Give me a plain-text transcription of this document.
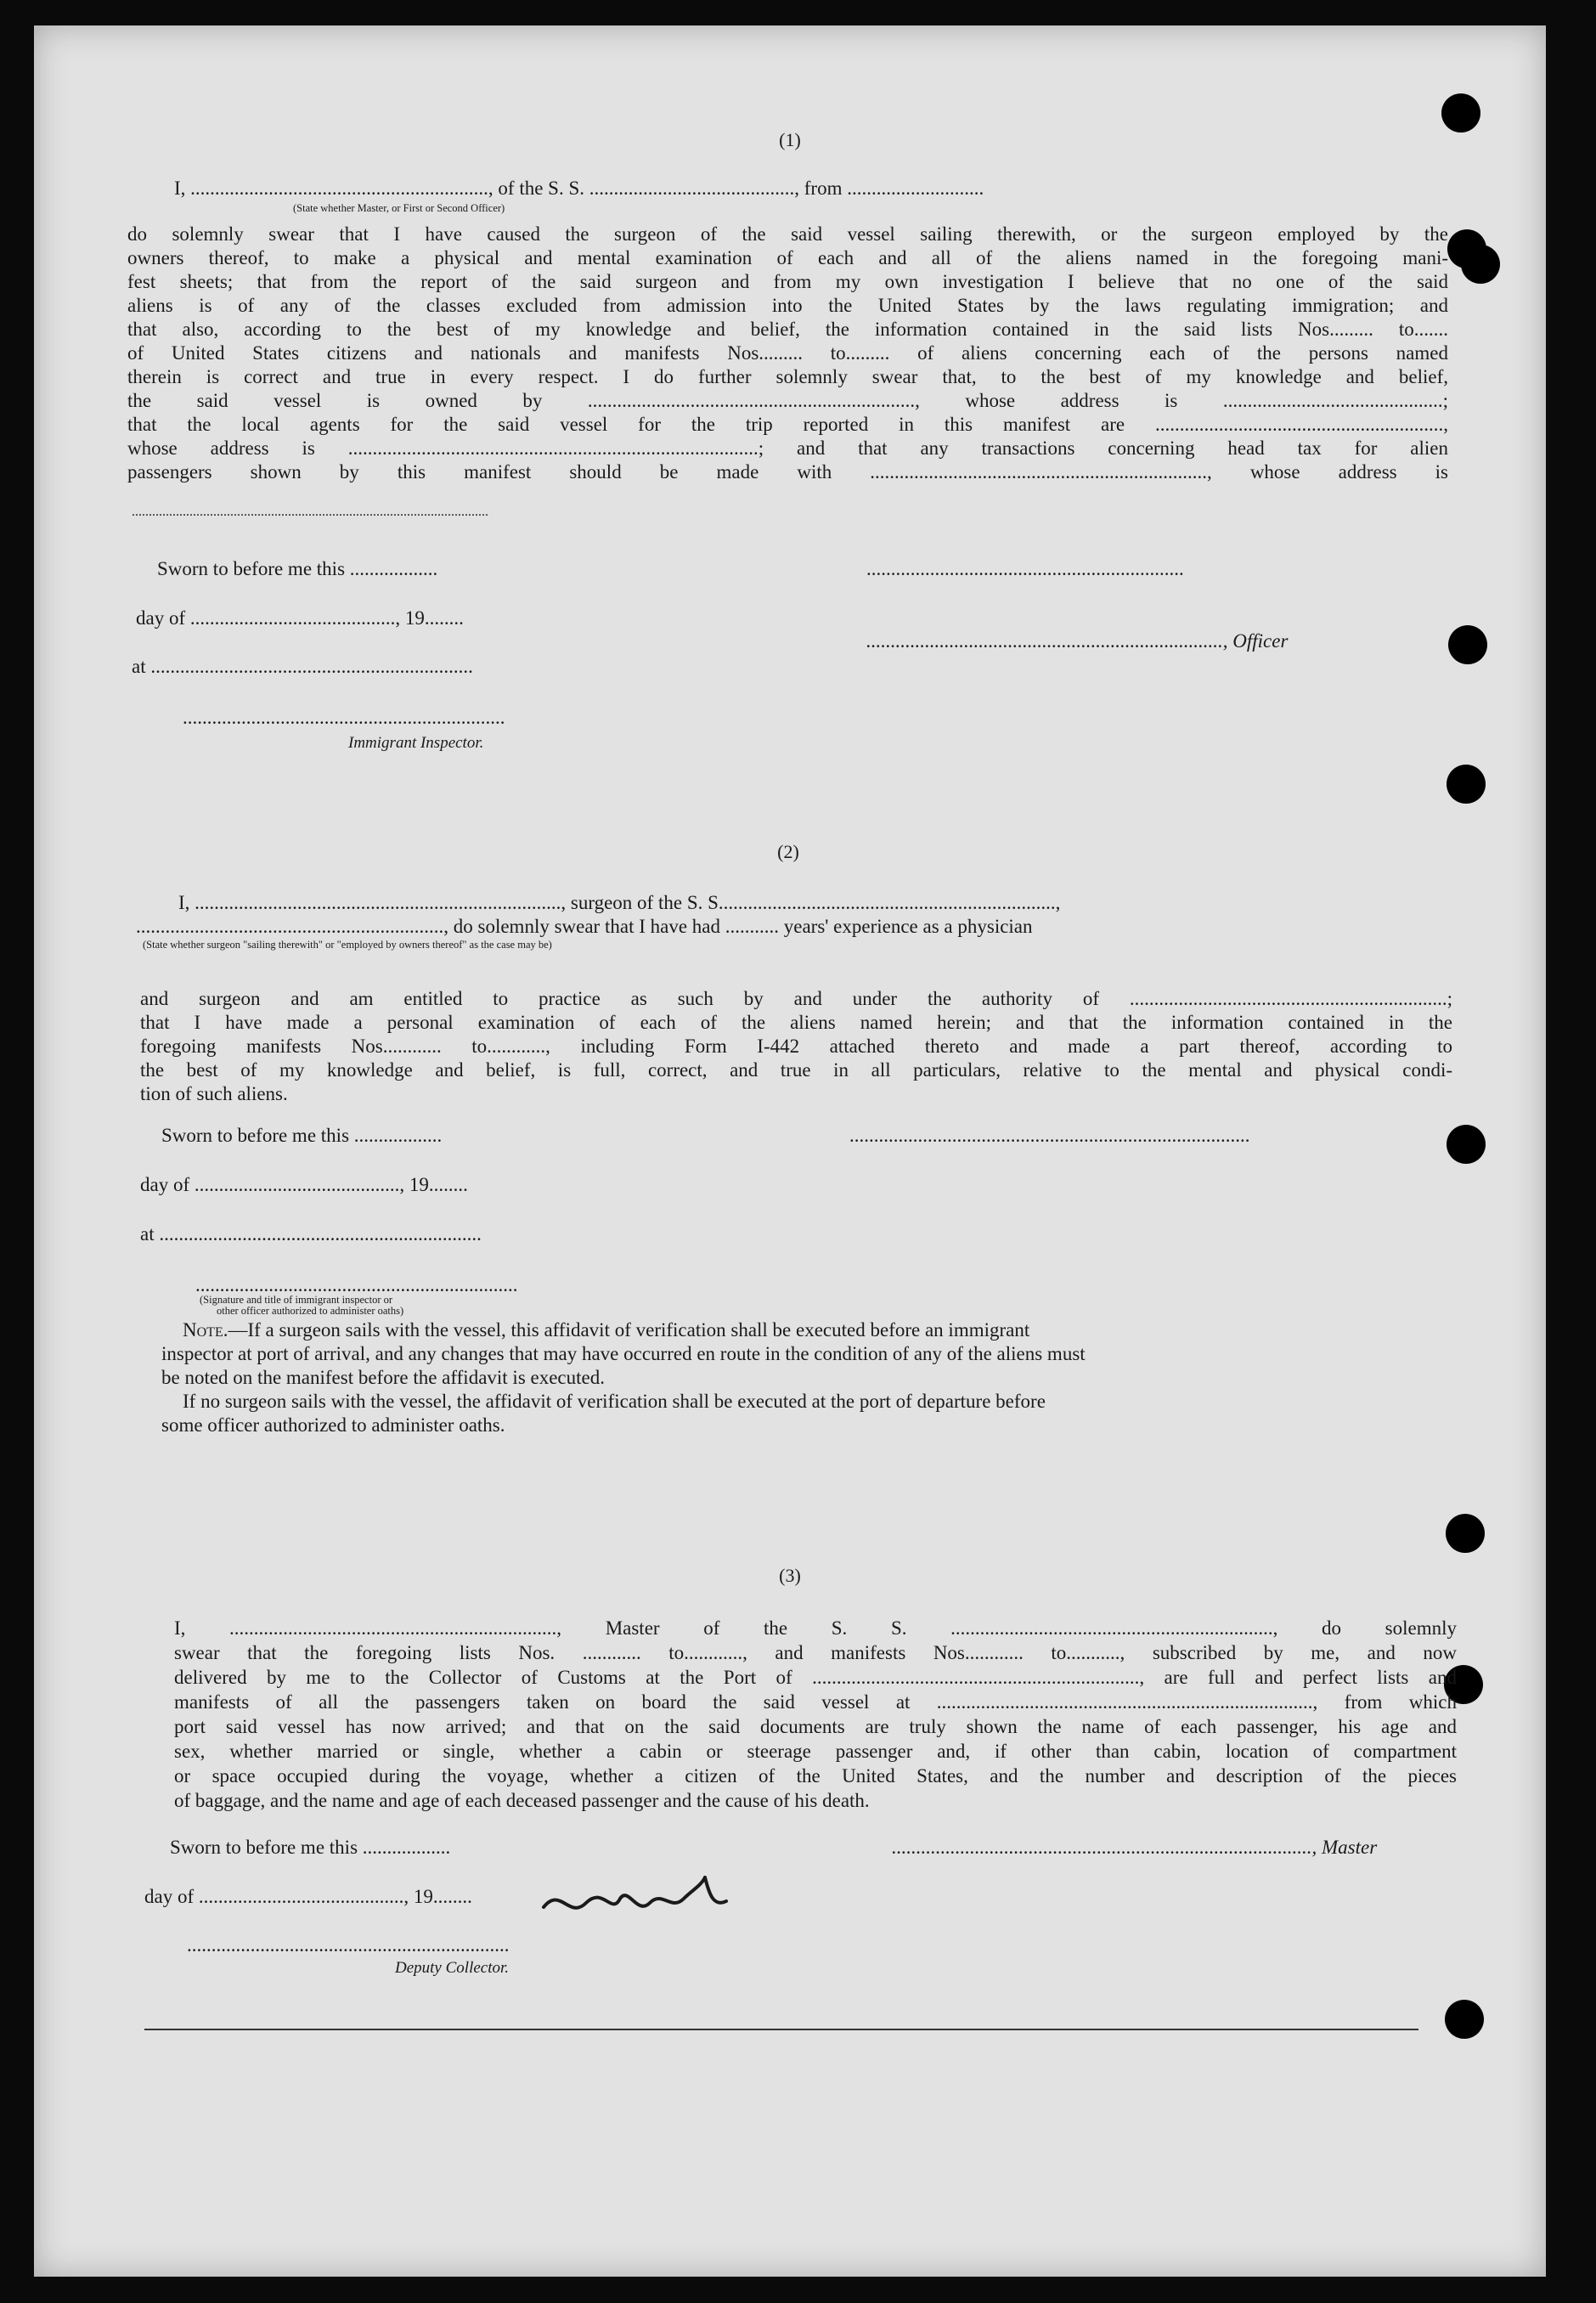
(1)
I, ............................................................., of the S. S. .........................................., from ............................
(State whether Master, or First or Second Officer)
do solemnly swear that I have caused the surgeon of the said vessel sailing therewith, or the surgeon employed by the
owners thereof, to make a physical and mental examination of each and all of the aliens named in the foregoing mani-
fest sheets; that from the report of the said surgeon and from my own investigation I believe that no one of the said
aliens is of any of the classes excluded from admission into the United States by the laws regulating immigration; and
that also, according to the best of my knowledge and belief, the information contained in the said lists Nos......... to.......
of United States citizens and nationals and manifests Nos......... to......... of aliens concerning each of the persons named
therein is correct and true in every respect. I do further solemnly swear that, to the best of my knowledge and belief,
the said vessel is owned by ..................................................................., whose address is .............................................;
that the local agents for the said vessel for the trip reported in this manifest are ...........................................................,
whose address is ....................................................................................; and that any transactions concerning head tax for alien
passengers shown by this manifest should be made with ....................................................................., whose address is
.........................................................................................................
Sworn to before me this ..................	.................................................................
day of .........................................., 19........
........................................................................., Officer
at ..................................................................
..................................................................
Immigrant Inspector.
(2)
I, ..........................................................................., surgeon of the S. S.....................................................................,
..............................................................., do solemnly swear that I have had ........... years' experience as a physician
(State whether surgeon "sailing therewith" or "employed by owners thereof" as the case may be)
and surgeon and am entitled to practice as such by and under the authority of .................................................................;
that I have made a personal examination of each of the aliens named herein; and that the information contained in the
foregoing manifests Nos............ to............, including Form I-442 attached thereto and made a part thereof, according to
the best of my knowledge and belief, is full, correct, and true in all particulars, relative to the mental and physical condi-
tion of such aliens.
Sworn to before me this ..................	..................................................................................
day of .........................................., 19........
at ..................................................................
..................................................................
(Signature and title of immigrant inspector or
other officer authorized to administer oaths)
Note.—If a surgeon sails with the vessel, this affidavit of verification shall be executed before an immigrant
inspector at port of arrival, and any changes that may have occurred en route in the condition of any of the aliens must
be noted on the manifest before the affidavit is executed.
If no surgeon sails with the vessel, the affidavit of verification shall be executed at the port of departure before
some officer authorized to administer oaths.
(3)
I, ..................................................................., Master of the S. S. .................................................................., do solemnly
swear that the foregoing lists Nos. ............ to............, and manifests Nos............ to..........., subscribed by me, and now
delivered by me to the Collector of Customs at the Port of ..................................................................., are full and perfect lists and
manifests of all the passengers taken on board the said vessel at ............................................................................., from which
port said vessel has now arrived; and that on the said documents are truly shown the name of each passenger, his age and
sex, whether married or single, whether a cabin or steerage passenger and, if other than cabin, location of compartment
or space occupied during the voyage, whether a citizen of the United States, and the number and description of the pieces
of baggage, and the name and age of each deceased passenger and the cause of his death.
Sworn to before me this ..................	......................................................................................, Master
day of .........................................., 19........
..................................................................
Deputy Collector.
